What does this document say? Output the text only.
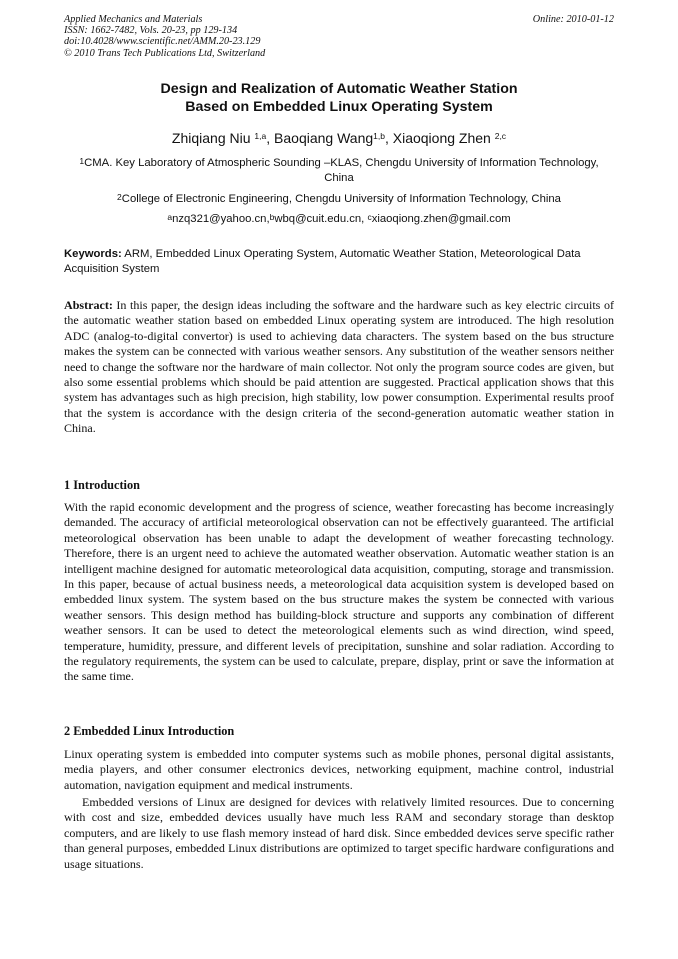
Applied Mechanics and Materials
ISSN: 1662-7482, Vols. 20-23, pp 129-134
doi:10.4028/www.scientific.net/AMM.20-23.129
© 2010 Trans Tech Publications Ltd, Switzerland
Online: 2010-01-12
Design and Realization of Automatic Weather Station
Based on Embedded Linux Operating System
Zhiqiang Niu $^{1,a}$, Baoqiang Wang$^{1,b}$, Xiaoqiong Zhen $^{2,c}$
$^1$CMA. Key Laboratory of Atmospheric Sounding –KLAS, Chengdu University of Information Technology, China
$^2$College of Electronic Engineering, Chengdu University of Information Technology, China
$^a$nzq321@yahoo.cn,$^b$wbq@cuit.edu.cn, $^c$xiaoqiong.zhen@gmail.com
Keywords: ARM, Embedded Linux Operating System, Automatic Weather Station, Meteorological Data Acquisition System
Abstract: In this paper, the design ideas including the software and the hardware such as key electric circuits of the automatic weather station based on embedded Linux operating system are introduced. The high resolution ADC (analog-to-digital convertor) is used to achieving data characters. The system based on the bus structure makes the system can be connected with various weather sensors. Any substitution of the weather sensors neither need to change the software nor the hardware of main collector. Not only the program source codes are given, but also some essential problems which should be paid attention are suggested. Practical application shows that this system has advantages such as high precision, high stability, low power consumption. Experimental results proof that the system is accordance with the design criteria of the second-generation automatic weather station in China.
1 Introduction
With the rapid economic development and the progress of science, weather forecasting has become increasingly demanded. The accuracy of artificial meteorological observation can not be effectively guaranteed. The artificial meteorological observation has been unable to adapt the development of weather forecasting technology. Therefore, there is an urgent need to achieve the automated weather observation. Automatic weather station is an intelligent machine designed for automatic meteorological data acquisition, computing, storage and transmission. In this paper, because of actual business needs, a meteorological data acquisition system is developed based on embedded linux system. The system based on the bus structure makes the system be connected with various weather sensors. This design method has building-block structure and supports any combination of different weather sensors. It can be used to detect the meteorological elements such as wind direction, wind speed, temperature, humidity, pressure, and different levels of precipitation, sunshine and solar radiation. According to the regulatory requirements, the system can be used to calculate, prepare, display, print or save the information at the same time.
2 Embedded Linux Introduction
Linux operating system is embedded into computer systems such as mobile phones, personal digital assistants, media players, and other consumer electronics devices, networking equipment, machine control, industrial automation, navigation equipment and medical instruments.
Embedded versions of Linux are designed for devices with relatively limited resources. Due to concerning with cost and size, embedded devices usually have much less RAM and secondary storage than desktop computers, and are likely to use flash memory instead of hard disk. Since embedded devices serve specific rather than general purposes, embedded Linux distributions are optimized to target specific hardware configurations and usage situations.
